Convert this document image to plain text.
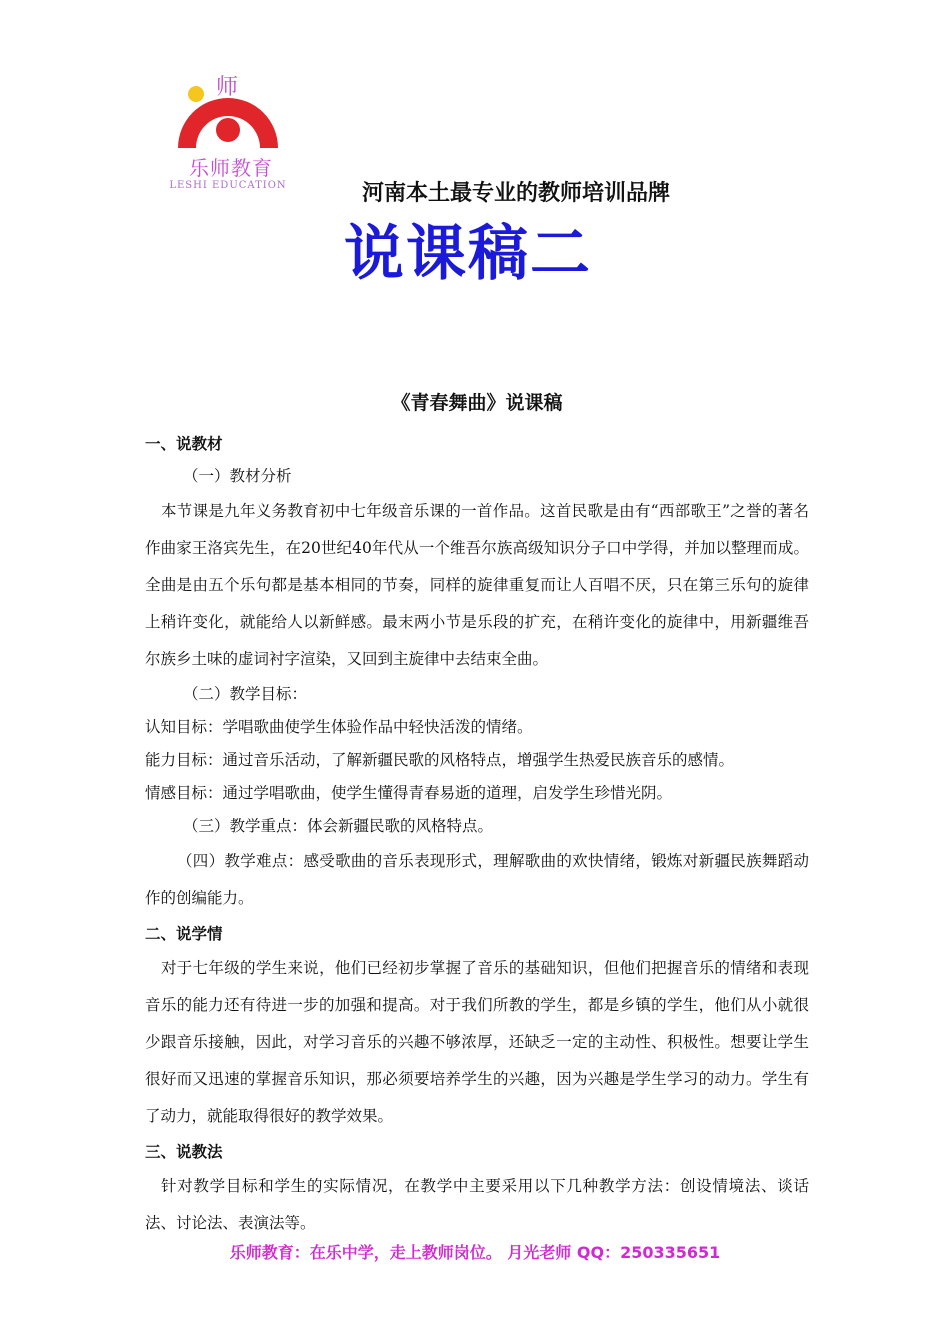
师
乐师教育
LESHI EDUCATION	河南本土最专业的教师培训品牌
说课稿二
《青春舞曲》说课稿
一、说教材
（一）教材分析
本节课是九年义务教育初中七年级音乐课的一首作品。这首民歌是由有“西部歌王”之誉的著名作曲家王洛宾先生，在20世纪40年代从一个维吾尔族高级知识分子口中学得，并加以整理而成。全曲是由五个乐句都是基本相同的节奏，同样的旋律重复而让人百唱不厌，只在第三乐句的旋律上稍许变化，就能给人以新鲜感。最末两小节是乐段的扩充，在稍许变化的旋律中，用新疆维吾尔族乡土味的虚词衬字渲染，又回到主旋律中去结束全曲。
（二）教学目标：
认知目标：学唱歌曲使学生体验作品中轻快活泼的情绪。
能力目标：通过音乐活动，了解新疆民歌的风格特点，增强学生热爱民族音乐的感情。
情感目标：通过学唱歌曲，使学生懂得青春易逝的道理，启发学生珍惜光阴。
（三）教学重点：体会新疆民歌的风格特点。
（四）教学难点：感受歌曲的音乐表现形式，理解歌曲的欢快情绪，锻炼对新疆民族舞蹈动作的创编能力。
二、说学情
对于七年级的学生来说，他们已经初步掌握了音乐的基础知识，但他们把握音乐的情绪和表现音乐的能力还有待进一步的加强和提高。对于我们所教的学生，都是乡镇的学生，他们从小就很少跟音乐接触，因此，对学习音乐的兴趣不够浓厚，还缺乏一定的主动性、积极性。想要让学生很好而又迅速的掌握音乐知识，那必须要培养学生的兴趣，因为兴趣是学生学习的动力。学生有了动力，就能取得很好的教学效果。
三、说教法
针对教学目标和学生的实际情况，在教学中主要采用以下几种教学方法：创设情境法、谈话法、讨论法、表演法等。
乐师教育：在乐中学，走上教师岗位。 月光老师 QQ：250335651
